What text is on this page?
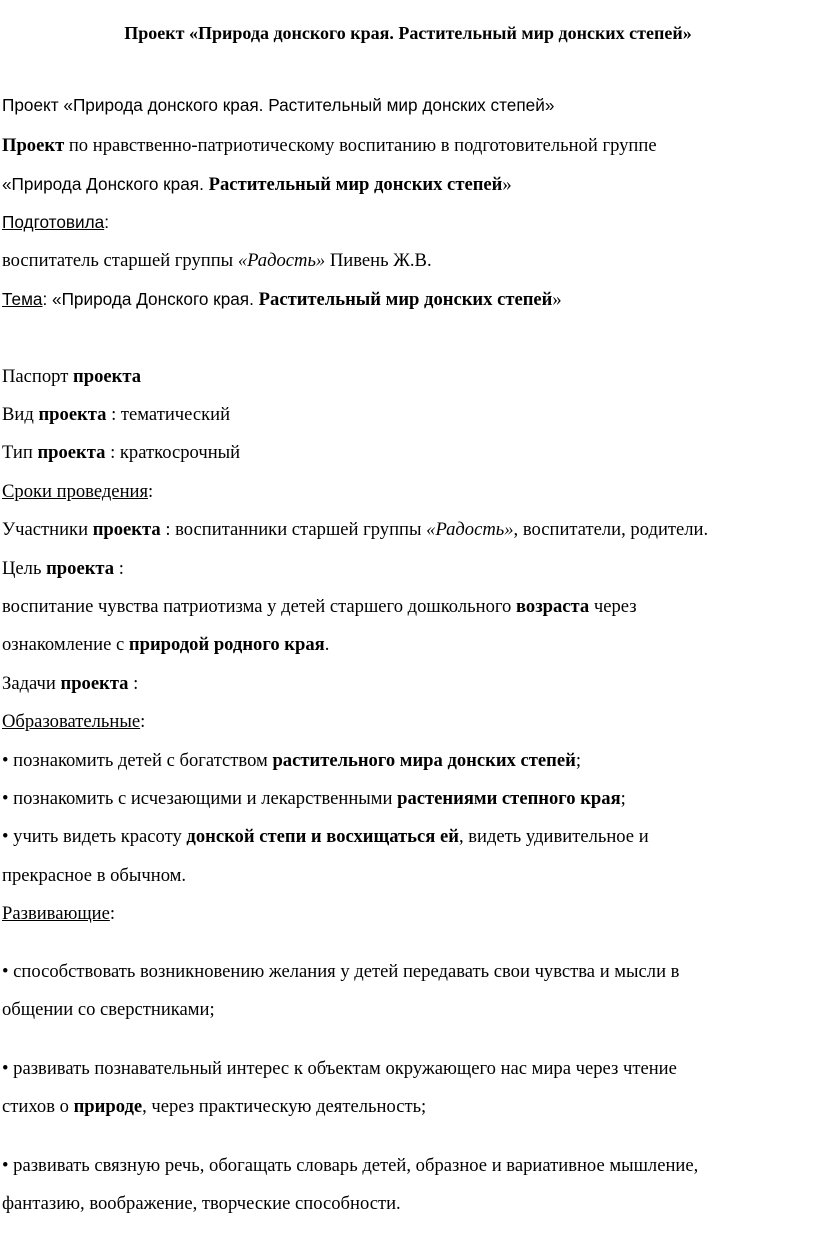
Проект «Природа донского края. Растительный мир донских степей»
Проект «Природа донского края. Растительный мир донских степей»
Проект по нравственно-патриотическому воспитанию в подготовительной группе
«Природа Донского края. Растительный мир донских степей»
Подготовила:
воспитатель старшей группы «Радость» Пивень Ж.В.
Тема: «Природа Донского края. Растительный мир донских степей»
Паспорт проекта
Вид проекта : тематический
Тип проекта : краткосрочный
Сроки проведения:
Участники проекта : воспитанники старшей группы «Радость», воспитатели, родители.
Цель проекта :
воспитание чувства патриотизма у детей старшего дошкольного возраста через
ознакомление с природой родного края.
Задачи проекта :
Образовательные:
• познакомить детей с богатством растительного мира донских степей;
• познакомить с исчезающими и лекарственными растениями степного края;
• учить видеть красоту донской степи и восхищаться ей, видеть удивительное и
прекрасное в обычном.
Развивающие:
• способствовать возникновению желания у детей передавать свои чувства и мысли в
общении со сверстниками;
• развивать познавательный интерес к объектам окружающего нас мира через чтение
стихов о природе, через практическую деятельность;
• развивать связную речь, обогащать словарь детей, образное и вариативное мышление,
фантазию, воображение, творческие способности.
